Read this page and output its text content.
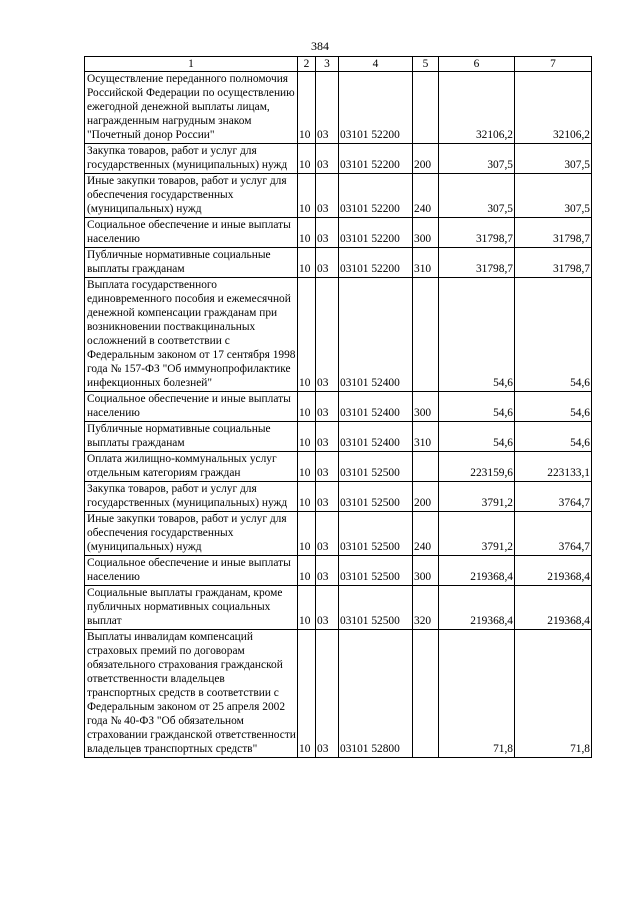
384
1	2	3	4	5	6	7
Осуществление переданного полномочия Российской Федерации по осуществлению ежегодной денежной выплаты лицам, награжденным нагрудным знаком "Почетный донор России"	10	03	03101 52200		32106,2	32106,2
Закупка товаров, работ и услуг для государственных (муниципальных) нужд	10	03	03101 52200	200	307,5	307,5
Иные закупки товаров, работ и услуг для обеспечения государственных (муниципальных) нужд	10	03	03101 52200	240	307,5	307,5
Социальное обеспечение и иные выплаты населению	10	03	03101 52200	300	31798,7	31798,7
Публичные нормативные социальные выплаты гражданам	10	03	03101 52200	310	31798,7	31798,7
Выплата государственного единовременного пособия и ежемесячной денежной компенсации гражданам при возникновении поствакцинальных осложнений в соответствии с Федеральным законом от 17 сентября 1998 года № 157-ФЗ "Об иммунопрофилактике инфекционных болезней"	10	03	03101 52400		54,6	54,6
Социальное обеспечение и иные выплаты населению	10	03	03101 52400	300	54,6	54,6
Публичные нормативные социальные выплаты гражданам	10	03	03101 52400	310	54,6	54,6
Оплата жилищно-коммунальных услуг отдельным категориям граждан	10	03	03101 52500		223159,6	223133,1
Закупка товаров, работ и услуг для государственных (муниципальных) нужд	10	03	03101 52500	200	3791,2	3764,7
Иные закупки товаров, работ и услуг для обеспечения государственных (муниципальных) нужд	10	03	03101 52500	240	3791,2	3764,7
Социальное обеспечение и иные выплаты населению	10	03	03101 52500	300	219368,4	219368,4
Социальные выплаты гражданам, кроме публичных нормативных социальных выплат	10	03	03101 52500	320	219368,4	219368,4
Выплаты инвалидам компенсаций страховых премий по договорам обязательного страхования гражданской ответственности владельцев транспортных средств в соответствии с Федеральным законом от 25 апреля 2002 года № 40-ФЗ "Об обязательном страховании гражданской ответственности владельцев транспортных средств"	10	03	03101 52800		71,8	71,8
